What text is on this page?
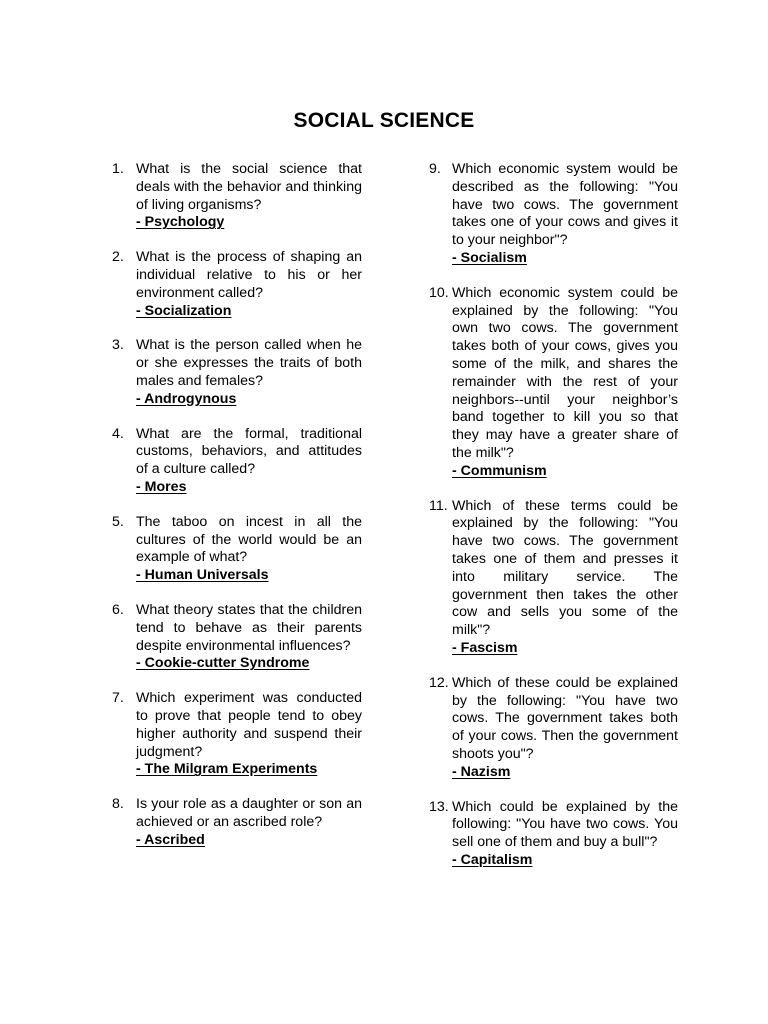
SOCIAL SCIENCE
1. What is the social science that deals with the behavior and thinking of living organisms?
- Psychology
2. What is the process of shaping an individual relative to his or her environment called?
- Socialization
3. What is the person called when he or she expresses the traits of both males and females?
- Androgynous
4. What are the formal, traditional customs, behaviors, and attitudes of a culture called?
- Mores
5. The taboo on incest in all the cultures of the world would be an example of what?
- Human Universals
6. What theory states that the children tend to behave as their parents despite environmental influences?
- Cookie-cutter Syndrome
7. Which experiment was conducted to prove that people tend to obey higher authority and suspend their judgment?
- The Milgram Experiments
8. Is your role as a daughter or son an achieved or an ascribed role?
- Ascribed
9. Which economic system would be described as the following: "You have two cows. The government takes one of your cows and gives it to your neighbor"?
- Socialism
10. Which economic system could be explained by the following: "You own two cows. The government takes both of your cows, gives you some of the milk, and shares the remainder with the rest of your neighbors--until your neighbor’s band together to kill you so that they may have a greater share of the milk"?
- Communism
11. Which of these terms could be explained by the following: "You have two cows. The government takes one of them and presses it into military service. The government then takes the other cow and sells you some of the milk"?
- Fascism
12. Which of these could be explained by the following: "You have two cows. The government takes both of your cows. Then the government shoots you"?
- Nazism
13. Which could be explained by the following: "You have two cows. You sell one of them and buy a bull"?
- Capitalism
